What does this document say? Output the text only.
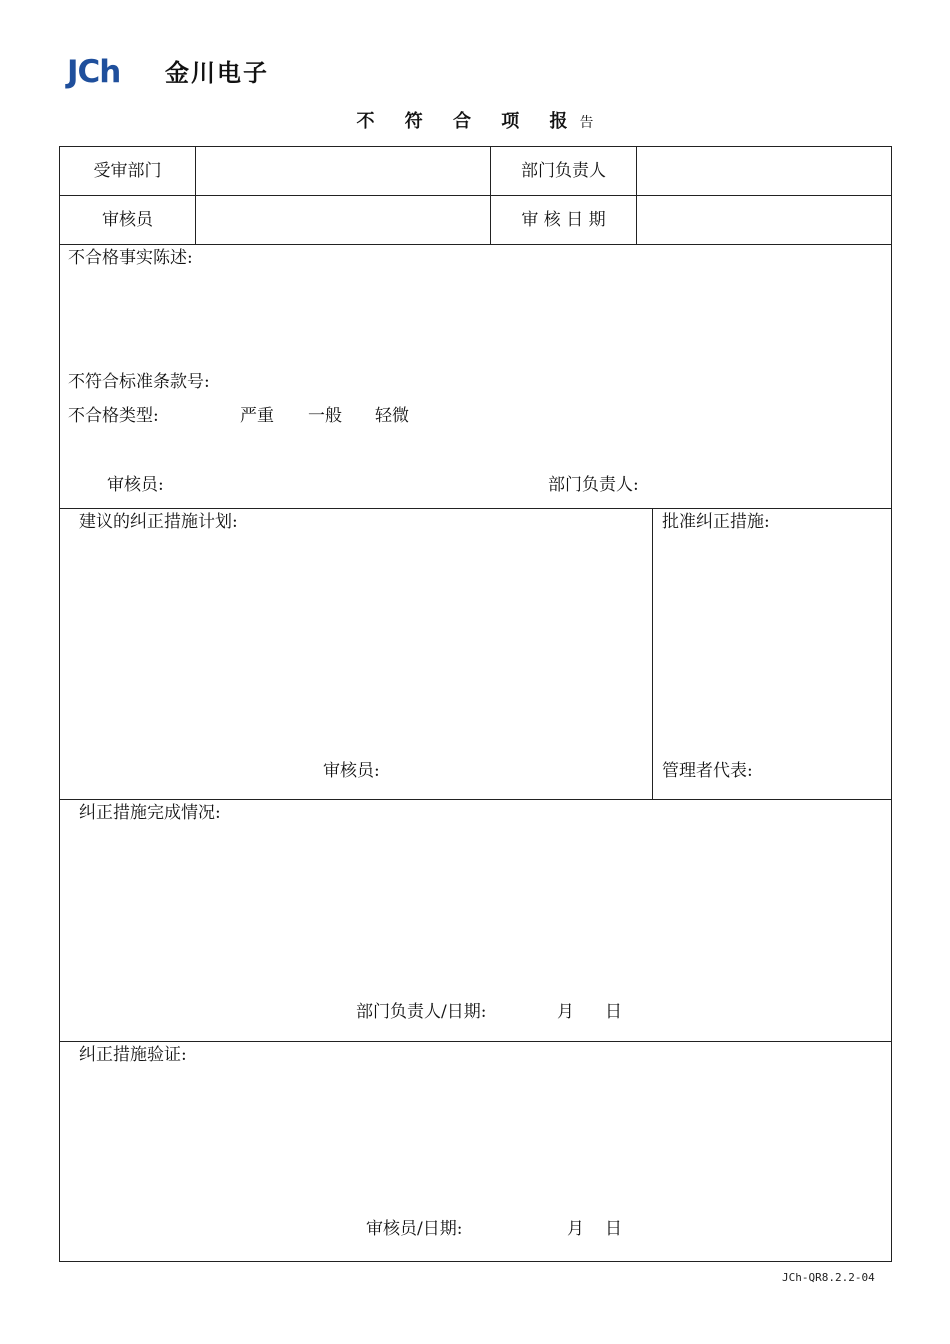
JCh 金川电子
不 符 合 项 报告
受审部门	部门负责人
审核员	审 核 日 期
不合格事实陈述:
不符合标准条款号:
不合格类型:	严重 一般 轻微
审核员:	部门负责人:
建议的纠正措施计划:	批准纠正措施:
审核员:	管理者代表:
纠正措施完成情况:
部门负责人/日期:	月 日
纠正措施验证:
审核员/日期:	月 日
JCh-QR8.2.2-04
